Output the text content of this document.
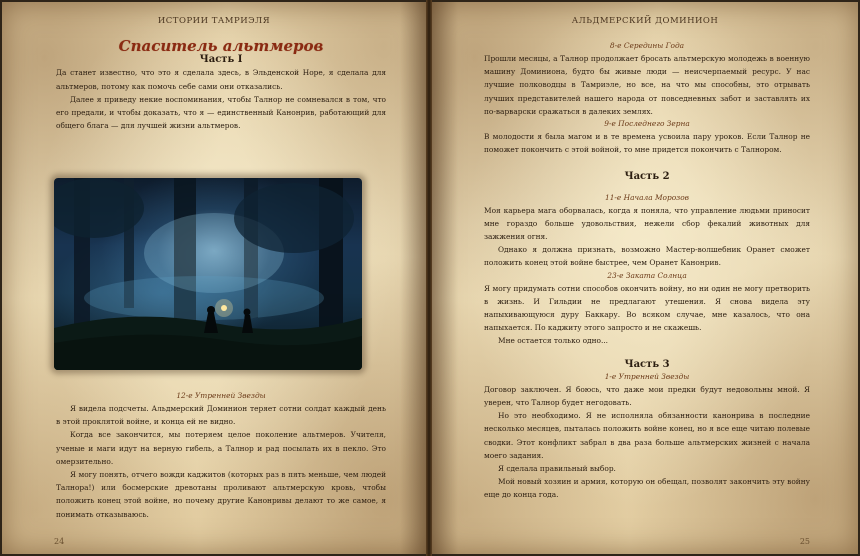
ИСТОРИИ ТАМРИЭЛЯ

Спаситель альтмеров

Часть I

Да станет известно, что это я сделала здесь, в Эльденской Норе, я сделала для альтмеров, потому как помочь себе сами они отказались.

Далее я приведу некие воспоминания, чтобы Талнор не сомневался в том, что его предали, и чтобы доказать, что я — единственный Канонрив, работающий для общего блага — для лучшей жизни альтмеров.

12-е Утренней Звезды

Я видела подсчеты. Альдмерский Доминион теряет сотни солдат каждый день в этой проклятой войне, и конца ей не видно.

Когда все закончится, мы потеряем целое поколение альтмеров. Учителя, ученые и маги идут на верную гибель, а Талнор и рад посылать их в пекло. Это омерзительно.

Я могу понять, отчего вожди каджитов (которых раз в пять меньше, чем людей Талнора!) или босмерские древотаны проливают альтмерскую кровь, чтобы положить конец этой войне, но почему другие Канонривы делают то же самое, я понимать отказываюсь.

24
АЛЬДМЕРСКИЙ ДОМИНИОН

8-е Середины Года

Прошли месяцы, а Талнор продолжает бросать альтмерскую молодежь в военную машину Доминиона, будто бы живые люди — неисчерпаемый ресурс. У нас лучшие полководцы в Тамриэле, но все, на что мы способны, это отрывать лучших представителей нашего народа от повседневных забот и заставлять их по-варварски сражаться в далеких землях.

9-е Последнего Зерна

В молодости я была магом и в те времена усвоила пару уроков. Если Талнор не поможет покончить с этой войной, то мне придется покончить с Талнором.

Часть 2

11-е Начала Морозов

Моя карьера мага оборвалась, когда я поняла, что управление людьми приносит мне гораздо больше удовольствия, нежели сбор фекалий животных для зажжения огня.

Однако я должна признать, возможно Мастер-волшебник Оранет сможет положить конец этой войне быстрее, чем Оранет Канонрив.

23-е Заката Солнца

Я могу придумать сотни способов окончить войну, но ни один не могу претворить в жизнь. И Гильдии не предлагают утешения. Я снова видела эту напыхивающуюся дуру Баккару. Во всяком случае, мне казалось, что она напыхается. По каджиту этого запросто и не скажешь.

Мне остается только одно...

Часть 3

1-е Утренней Звезды

Договор заключен. Я боюсь, что даже мои предки будут недовольны мной. Я уверен, что Талнор будет негодовать.

Но это необходимо. Я не исполняла обязанности канонрива в последние несколько месяцев, пыталась положить войне конец, но я все еще читаю полевые сводки. Этот конфликт забрал в два раза больше альтмерских жизней с начала моего задания.

Я сделала правильный выбор.

Мой новый хозяин и армия, которую он обещал, позволят закончить эту войну еще до конца года.

25
